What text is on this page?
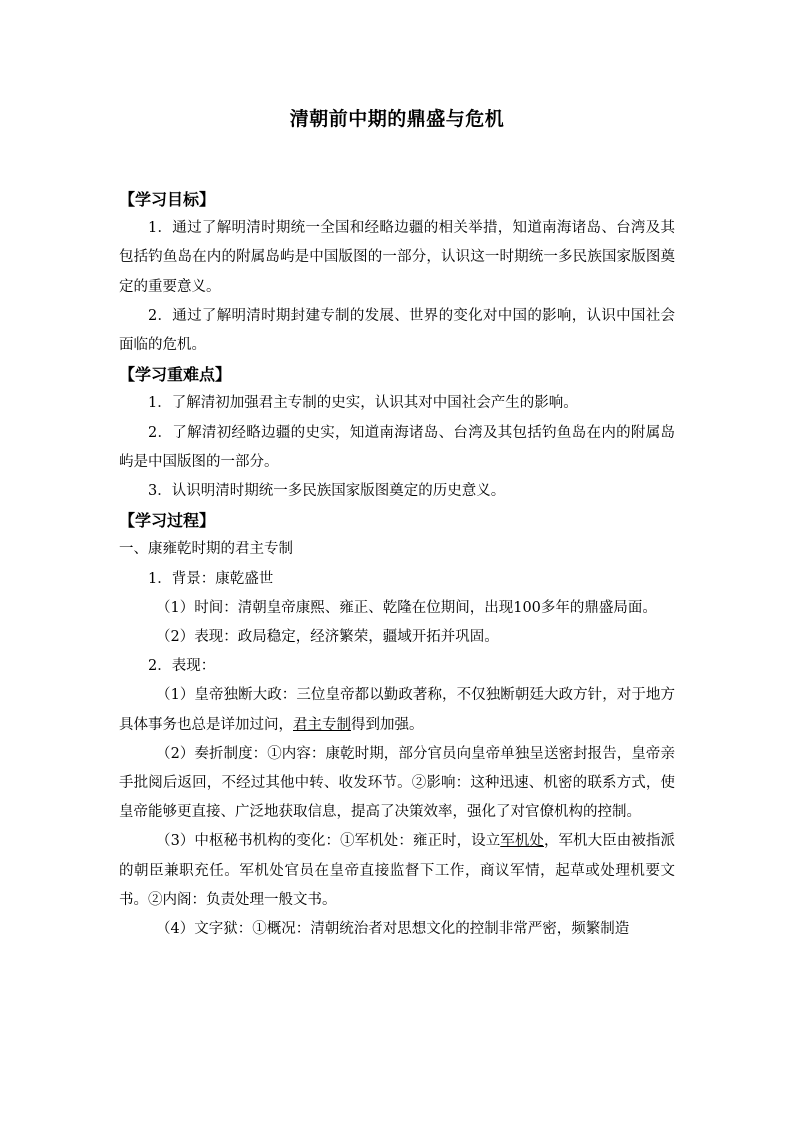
清朝前中期的鼎盛与危机

【学习目标】

1．通过了解明清时期统一全国和经略边疆的相关举措，知道南海诸岛、台湾及其包括钓鱼岛在内的附属岛屿是中国版图的一部分，认识这一时期统一多民族国家版图奠定的重要意义。

2．通过了解明清时期封建专制的发展、世界的变化对中国的影响，认识中国社会面临的危机。

【学习重难点】

1．了解清初加强君主专制的史实，认识其对中国社会产生的影响。

2．了解清初经略边疆的史实，知道南海诸岛、台湾及其包括钓鱼岛在内的附属岛屿是中国版图的一部分。

3．认识明清时期统一多民族国家版图奠定的历史意义。

【学习过程】

一、康雍乾时期的君主专制

1．背景：康乾盛世

（1）时间：清朝皇帝康熙、雍正、乾隆在位期间，出现100多年的鼎盛局面。

（2）表现：政局稳定，经济繁荣，疆域开拓并巩固。

2．表现：

（1）皇帝独断大政：三位皇帝都以勤政著称，不仅独断朝廷大政方针，对于地方具体事务也总是详加过问，君主专制得到加强。

（2）奏折制度：①内容：康乾时期，部分官员向皇帝单独呈送密封报告，皇帝亲手批阅后返回，不经过其他中转、收发环节。②影响：这种迅速、机密的联系方式，使皇帝能够更直接、广泛地获取信息，提高了决策效率，强化了对官僚机构的控制。

（3）中枢秘书机构的变化：①军机处：雍正时，设立军机处，军机大臣由被指派的朝臣兼职充任。军机处官员在皇帝直接监督下工作，商议军情，起草或处理机要文书。②内阁：负责处理一般文书。

（4）文字狱：①概况：清朝统治者对思想文化的控制非常严密，频繁制造
